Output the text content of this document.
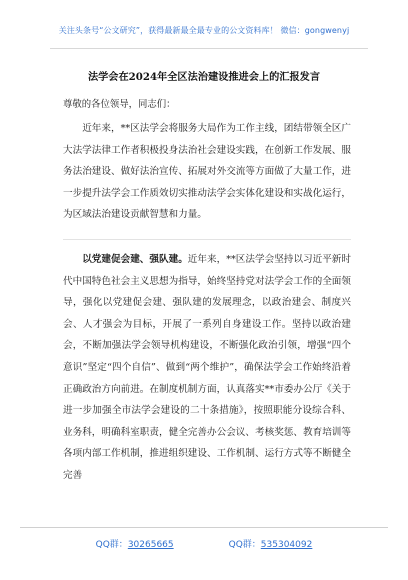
关注头条号“公文研究”，获得最新最全最专业的公文资料库！ 微信：gongwenyj
法学会在2024年全区法治建设推进会上的汇报发言
尊敬的各位领导，同志们：

近年来，**区法学会将服务大局作为工作主线，团结带领全区广大法学法律工作者积极投身法治社会建设实践，在创新工作发展、服务法治建设、做好法治宣传、拓展对外交流等方面做了大量工作，进一步提升法学会工作质效切实推动法学会实体化建设和实战化运行，为区域法治建设贡献智慧和力量。

以党建促会建、强队建。近年来，**区法学会坚持以习近平新时代中国特色社会主义思想为指导，始终坚持党对法学会工作的全面领导，强化以党建促会建、强队建的发展理念，以政治建会、制度兴会、人才强会为目标，开展了一系列自身建设工作。坚持以政治建会，不断加强法学会领导机构建设，不断强化政治引领，增强“四个意识”坚定“四个自信”、做到“两个维护”，确保法学会工作始终沿着正确政治方向前进。在制度机制方面，认真落实**市委办公厅《关于进一步加强全市法学会建设的二十条措施》，按照职能分设综合科、业务科，明确科室职责，健全完善办公会议、考核奖惩、教育培训等各项内部工作机制，推进组织建设、工作机制、运行方式等不断健全完善

QQ群：30265665	QQ群：535304092
